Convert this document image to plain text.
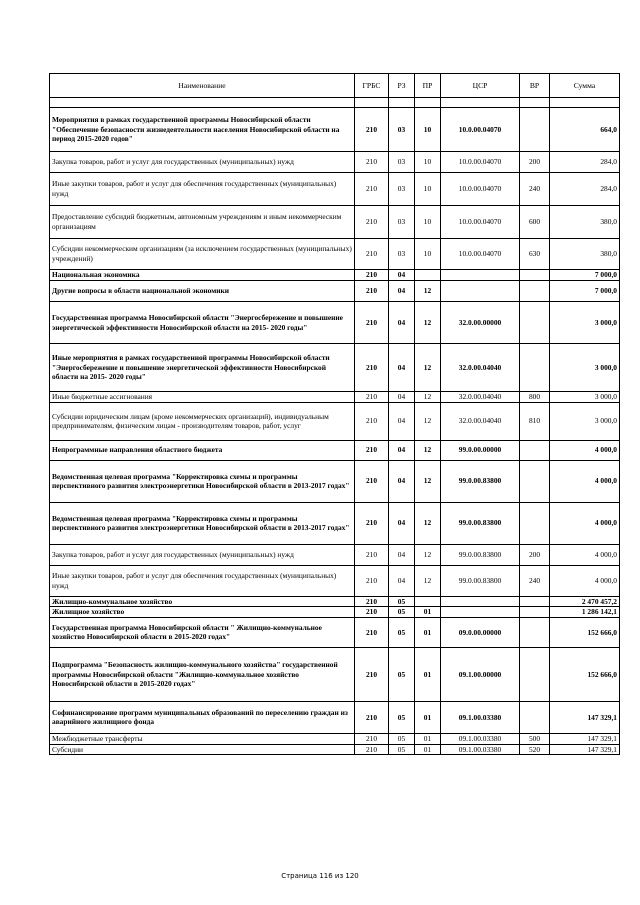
Наименование	ГРБС	РЗ	ПР	ЦСР	ВР	Сумма

Мероприятия в рамках государственной программы Новосибирской области "Обеспечение безопасности жизнедеятельности населения Новосибирской области на период 2015-2020 годов"	210	03	10	10.0.00.04070		664,0
Закупка товаров, работ и услуг для государственных (муниципальных) нужд	210	03	10	10.0.00.04070	200	284,0
Иные закупки товаров, работ и услуг для обеспечения государственных (муниципальных) нужд	210	03	10	10.0.00.04070	240	284,0
Предоставление субсидий бюджетным, автономным учреждениям и иным некоммерческим организациям	210	03	10	10.0.00.04070	600	380,0
Субсидии некоммерческим организациям (за исключением государственных (муниципальных) учреждений)	210	03	10	10.0.00.04070	630	380,0
Национальная экономика	210	04				7 000,0
Другие вопросы в области национальной экономики	210	04	12			7 000,0
Государственная программа Новосибирской области "Энергосбережение и повышение энергетической эффективности Новосибирской области на 2015- 2020 годы"	210	04	12	32.0.00.00000		3 000,0
Иные мероприятия в рамках государственной программы Новосибирской области "Энергосбережение и повышение энергетической эффективности Новосибирской области на 2015- 2020 годы"	210	04	12	32.0.00.04040		3 000,0
Иные бюджетные ассигнования	210	04	12	32.0.00.04040	800	3 000,0
Субсидии юридическим лицам (кроме некоммерческих организаций), индивидуальным предпринимателям, физическим лицам - производителям товаров, работ, услуг	210	04	12	32.0.00.04040	810	3 000,0
Непрограммные направления областного бюджета	210	04	12	99.0.00.00000		4 000,0
Ведомственная целевая программа "Корректировка схемы и программы перспективного развития электроэнергетики Новосибирской области в 2013-2017 годах"	210	04	12	99.0.00.83800		4 000,0
Ведомственная целевая программа "Корректировка схемы и программы перспективного развития электроэнергетики Новосибирской области в 2013-2017 годах"	210	04	12	99.0.00.83800		4 000,0
Закупка товаров, работ и услуг для государственных (муниципальных) нужд	210	04	12	99.0.00.83800	200	4 000,0
Иные закупки товаров, работ и услуг для обеспечения государственных (муниципальных) нужд	210	04	12	99.0.00.83800	240	4 000,0
Жилищно-коммунальное хозяйство	210	05				2 470 457,2
Жилищное хозяйство	210	05	01			1 286 142,1
Государственная программа Новосибирской области " Жилищно-коммунальное хозяйство Новосибирской области в 2015-2020 годах"	210	05	01	09.0.00.00000		152 666,0
Подпрограмма "Безопасность жилищно-коммунального хозяйства" государственной программы Новосибирской области "Жилищно-коммунальное хозяйство Новосибирской области в 2015-2020 годах"	210	05	01	09.1.00.00000		152 666,0
Софинансирование программ муниципальных образований по переселению граждан из аварийного жилищного фонда	210	05	01	09.1.00.03380		147 329,1
Межбюджетные трансферты	210	05	01	09.1.00.03380	500	147 329,1
Субсидии	210	05	01	09.1.00.03380	520	147 329,1
Страница 116 из 120
